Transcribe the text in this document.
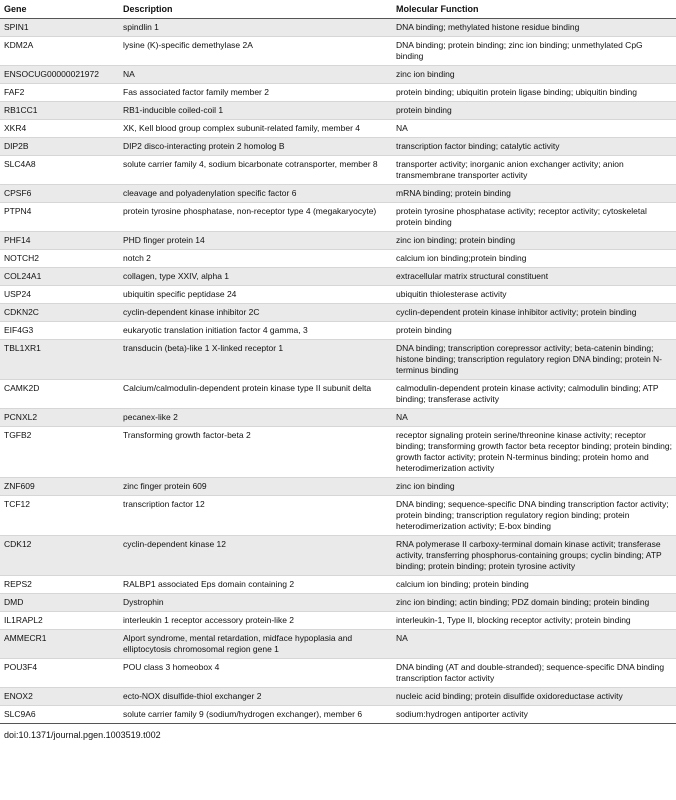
Gene	Description	Molecular Function
SPIN1	spindlin 1	DNA binding; methylated histone residue binding
KDM2A	lysine (K)-specific demethylase 2A	DNA binding; protein binding; zinc ion binding; unmethylated CpG binding
ENSOCUG00000021972	NA	zinc ion binding
FAF2	Fas associated factor family member 2	protein binding; ubiquitin protein ligase binding; ubiquitin binding
RB1CC1	RB1-inducible coiled-coil 1	protein binding
XKR4	XK, Kell blood group complex subunit-related family, member 4	NA
DIP2B	DIP2 disco-interacting protein 2 homolog B	transcription factor binding; catalytic activity
SLC4A8	solute carrier family 4, sodium bicarbonate cotransporter, member 8	transporter activity; inorganic anion exchanger activity; anion transmembrane transporter activity
CPSF6	cleavage and polyadenylation specific factor 6	mRNA binding; protein binding
PTPN4	protein tyrosine phosphatase, non-receptor type 4 (megakaryocyte)	protein tyrosine phosphatase activity; receptor activity; cytoskeletal protein binding
PHF14	PHD finger protein 14	zinc ion binding; protein binding
NOTCH2	notch 2	calcium ion binding;protein binding
COL24A1	collagen, type XXIV, alpha 1	extracellular matrix structural constituent
USP24	ubiquitin specific peptidase 24	ubiquitin thiolesterase activity
CDKN2C	cyclin-dependent kinase inhibitor 2C	cyclin-dependent protein kinase inhibitor activity; protein binding
EIF4G3	eukaryotic translation initiation factor 4 gamma, 3	protein binding
TBL1XR1	transducin (beta)-like 1 X-linked receptor 1	DNA binding; transcription corepressor activity; beta-catenin binding; histone binding; transcription regulatory region DNA binding; protein N-terminus binding
CAMK2D	Calcium/calmodulin-dependent protein kinase type II subunit delta	calmodulin-dependent protein kinase activity; calmodulin binding; ATP binding; transferase activity
PCNXL2	pecanex-like 2	NA
TGFB2	Transforming growth factor-beta 2	receptor signaling protein serine/threonine kinase activity; receptor binding; transforming growth factor beta receptor binding; protein binding; growth factor activity; protein N-terminus binding; protein homo and heterodimerization activity
ZNF609	zinc finger protein 609	zinc ion binding
TCF12	transcription factor 12	DNA binding; sequence-specific DNA binding transcription factor activity; protein binding; transcription regulatory region binding; protein heterodimerization activity; E-box binding
CDK12	cyclin-dependent kinase 12	RNA polymerase II carboxy-terminal domain kinase activit; transferase activity, transferring phosphorus-containing groups; cyclin binding; ATP binding; protein binding; protein tyrosine activity
REPS2	RALBP1 associated Eps domain containing 2	calcium ion binding; protein binding
DMD	Dystrophin	zinc ion binding; actin binding; PDZ domain binding; protein binding
IL1RAPL2	interleukin 1 receptor accessory protein-like 2	interleukin-1, Type II, blocking receptor activity; protein binding
AMMECR1	Alport syndrome, mental retardation, midface hypoplasia and elliptocytosis chromosomal region gene 1	NA
POU3F4	POU class 3 homeobox 4	DNA binding (AT and double-stranded); sequence-specific DNA binding transcription factor activity
ENOX2	ecto-NOX disulfide-thiol exchanger 2	nucleic acid binding; protein disulfide oxidoreductase activity
SLC9A6	solute carrier family 9 (sodium/hydrogen exchanger), member 6	sodium:hydrogen antiporter activity
doi:10.1371/journal.pgen.1003519.t002
